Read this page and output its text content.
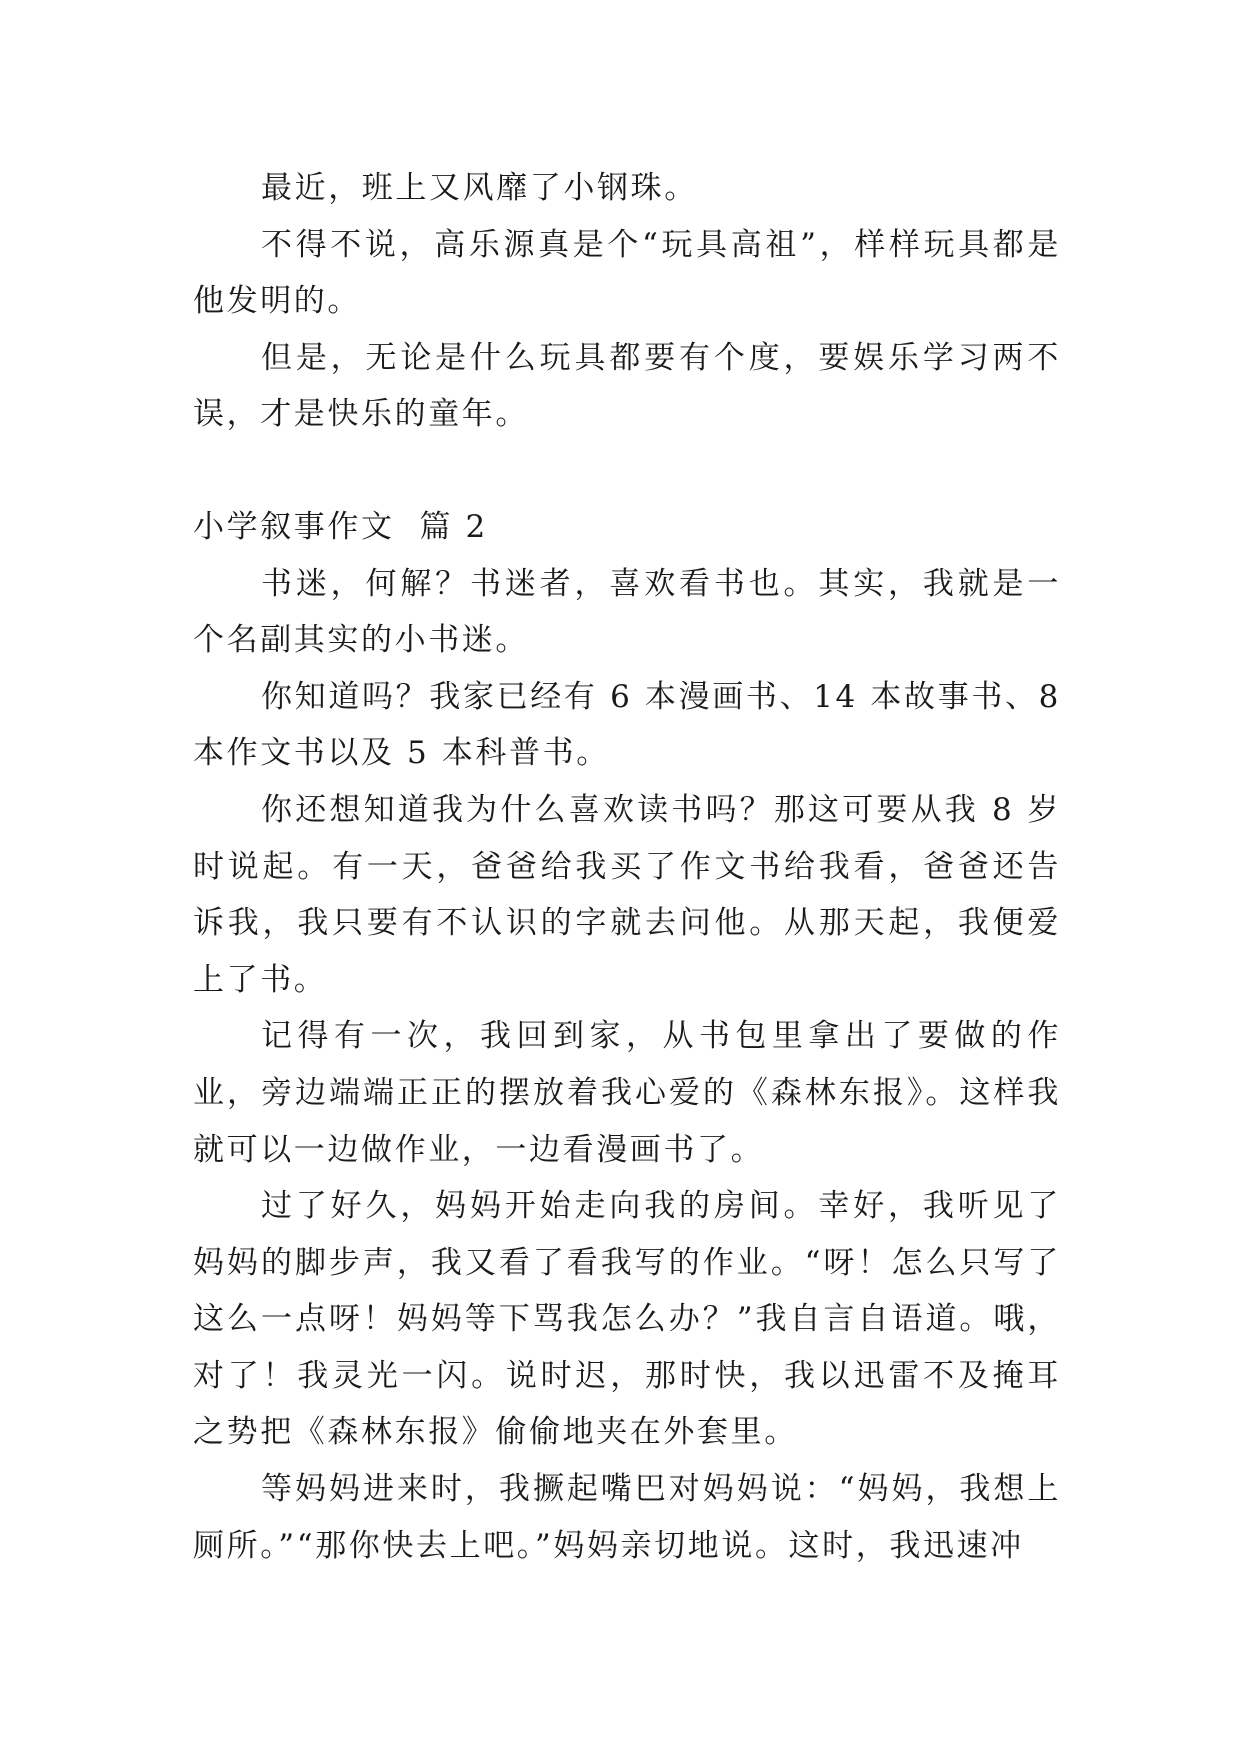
最近，班上又风靡了小钢珠。

不得不说，高乐源真是个“玩具高祖”，样样玩具都是他发明的。

但是，无论是什么玩具都要有个度，要娱乐学习两不误，才是快乐的童年。

小学叙事作文  篇 2

书迷，何解？书迷者，喜欢看书也。其实，我就是一个名副其实的小书迷。

你知道吗？我家已经有 6 本漫画书、14 本故事书、8 本作文书以及 5 本科普书。

你还想知道我为什么喜欢读书吗？那这可要从我 8 岁时说起。有一天，爸爸给我买了作文书给我看，爸爸还告诉我，我只要有不认识的字就去问他。从那天起，我便爱上了书。

记得有一次，我回到家，从书包里拿出了要做的作业，旁边端端正正的摆放着我心爱的《森林东报》。这样我就可以一边做作业，一边看漫画书了。

过了好久，妈妈开始走向我的房间。幸好，我听见了妈妈的脚步声，我又看了看我写的作业。“呀！怎么只写了这么一点呀！妈妈等下骂我怎么办？”我自言自语道。哦，对了！我灵光一闪。说时迟，那时快，我以迅雷不及掩耳之势把《森林东报》偷偷地夹在外套里。

等妈妈进来时，我撅起嘴巴对妈妈说：“妈妈，我想上厕所。”“那你快去上吧。”妈妈亲切地说。这时，我迅速冲
